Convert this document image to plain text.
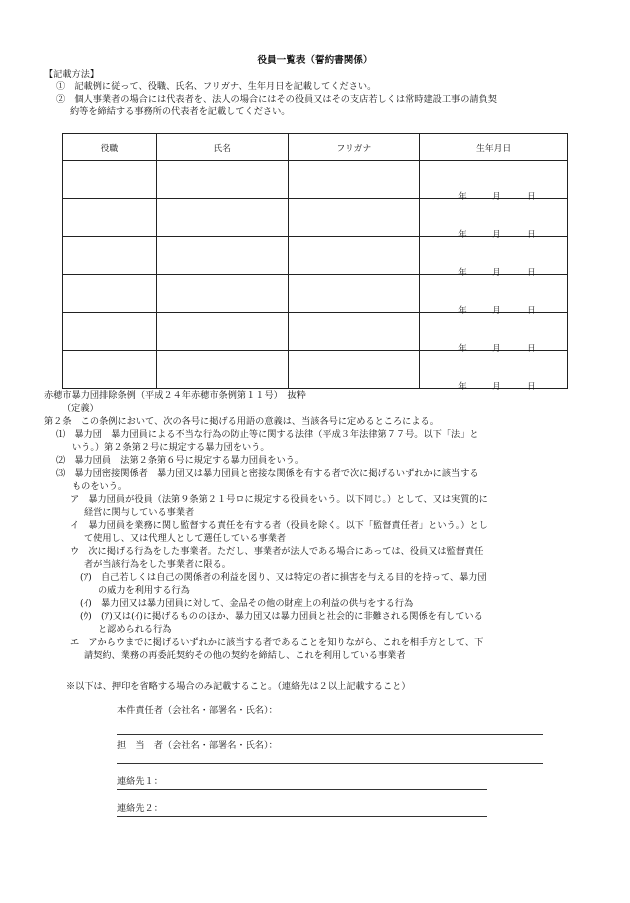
役員一覧表（誓約書関係）
【記載方法】
①　記載例に従って、役職、氏名、フリガナ、生年月日を記載してください。
②　個人事業者の場合には代表者を、法人の場合にはその役員又はその支店若しくは常時建設工事の請負契
約等を締結する事務所の代表者を記載してください。
役職	氏名	フリガナ	生年月日

			年 月 日

			年 月 日

			年 月 日

			年 月 日

			年 月 日

			年 月 日
赤穂市暴力団排除条例（平成２４年赤穂市条例第１１号）　抜粋
（定義）
第２条　この条例において、次の各号に掲げる用語の意義は、当該各号に定めるところによる。
⑴　暴力団　暴力団員による不当な行為の防止等に関する法律（平成３年法律第７７号。以下「法」と
いう。）第２条第２号に規定する暴力団をいう。
⑵　暴力団員　法第２条第６号に規定する暴力団員をいう。
⑶　暴力団密接関係者　暴力団又は暴力団員と密接な関係を有する者で次に掲げるいずれかに該当する
ものをいう。
ア　暴力団員が役員（法第９条第２１号ロに規定する役員をいう。以下同じ。）として、又は実質的に
経営に関与している事業者
イ　暴力団員を業務に関し監督する責任を有する者（役員を除く。以下「監督責任者」という。）とし
て使用し、又は代理人として選任している事業者
ウ　次に掲げる行為をした事業者。ただし、事業者が法人である場合にあっては、役員又は監督責任
者が当該行為をした事業者に限る。
(ｱ)　自己若しくは自己の関係者の利益を図り、又は特定の者に損害を与える目的を持って、暴力団
の威力を利用する行為
(ｲ)　暴力団又は暴力団員に対して、金品その他の財産上の利益の供与をする行為
(ｳ)　(ｱ)又は(ｲ)に掲げるもののほか、暴力団又は暴力団員と社会的に非難される関係を有している
と認められる行為
エ　アからウまでに掲げるいずれかに該当する者であることを知りながら、これを相手方として、下
請契約、業務の再委託契約その他の契約を締結し、これを利用している事業者
※以下は、押印を省略する場合のみ記載すること。（連絡先は２以上記載すること）
本件責任者（会社名・部署名・氏名）：
担　当　者（会社名・部署名・氏名）：
連絡先１：
連絡先２：
